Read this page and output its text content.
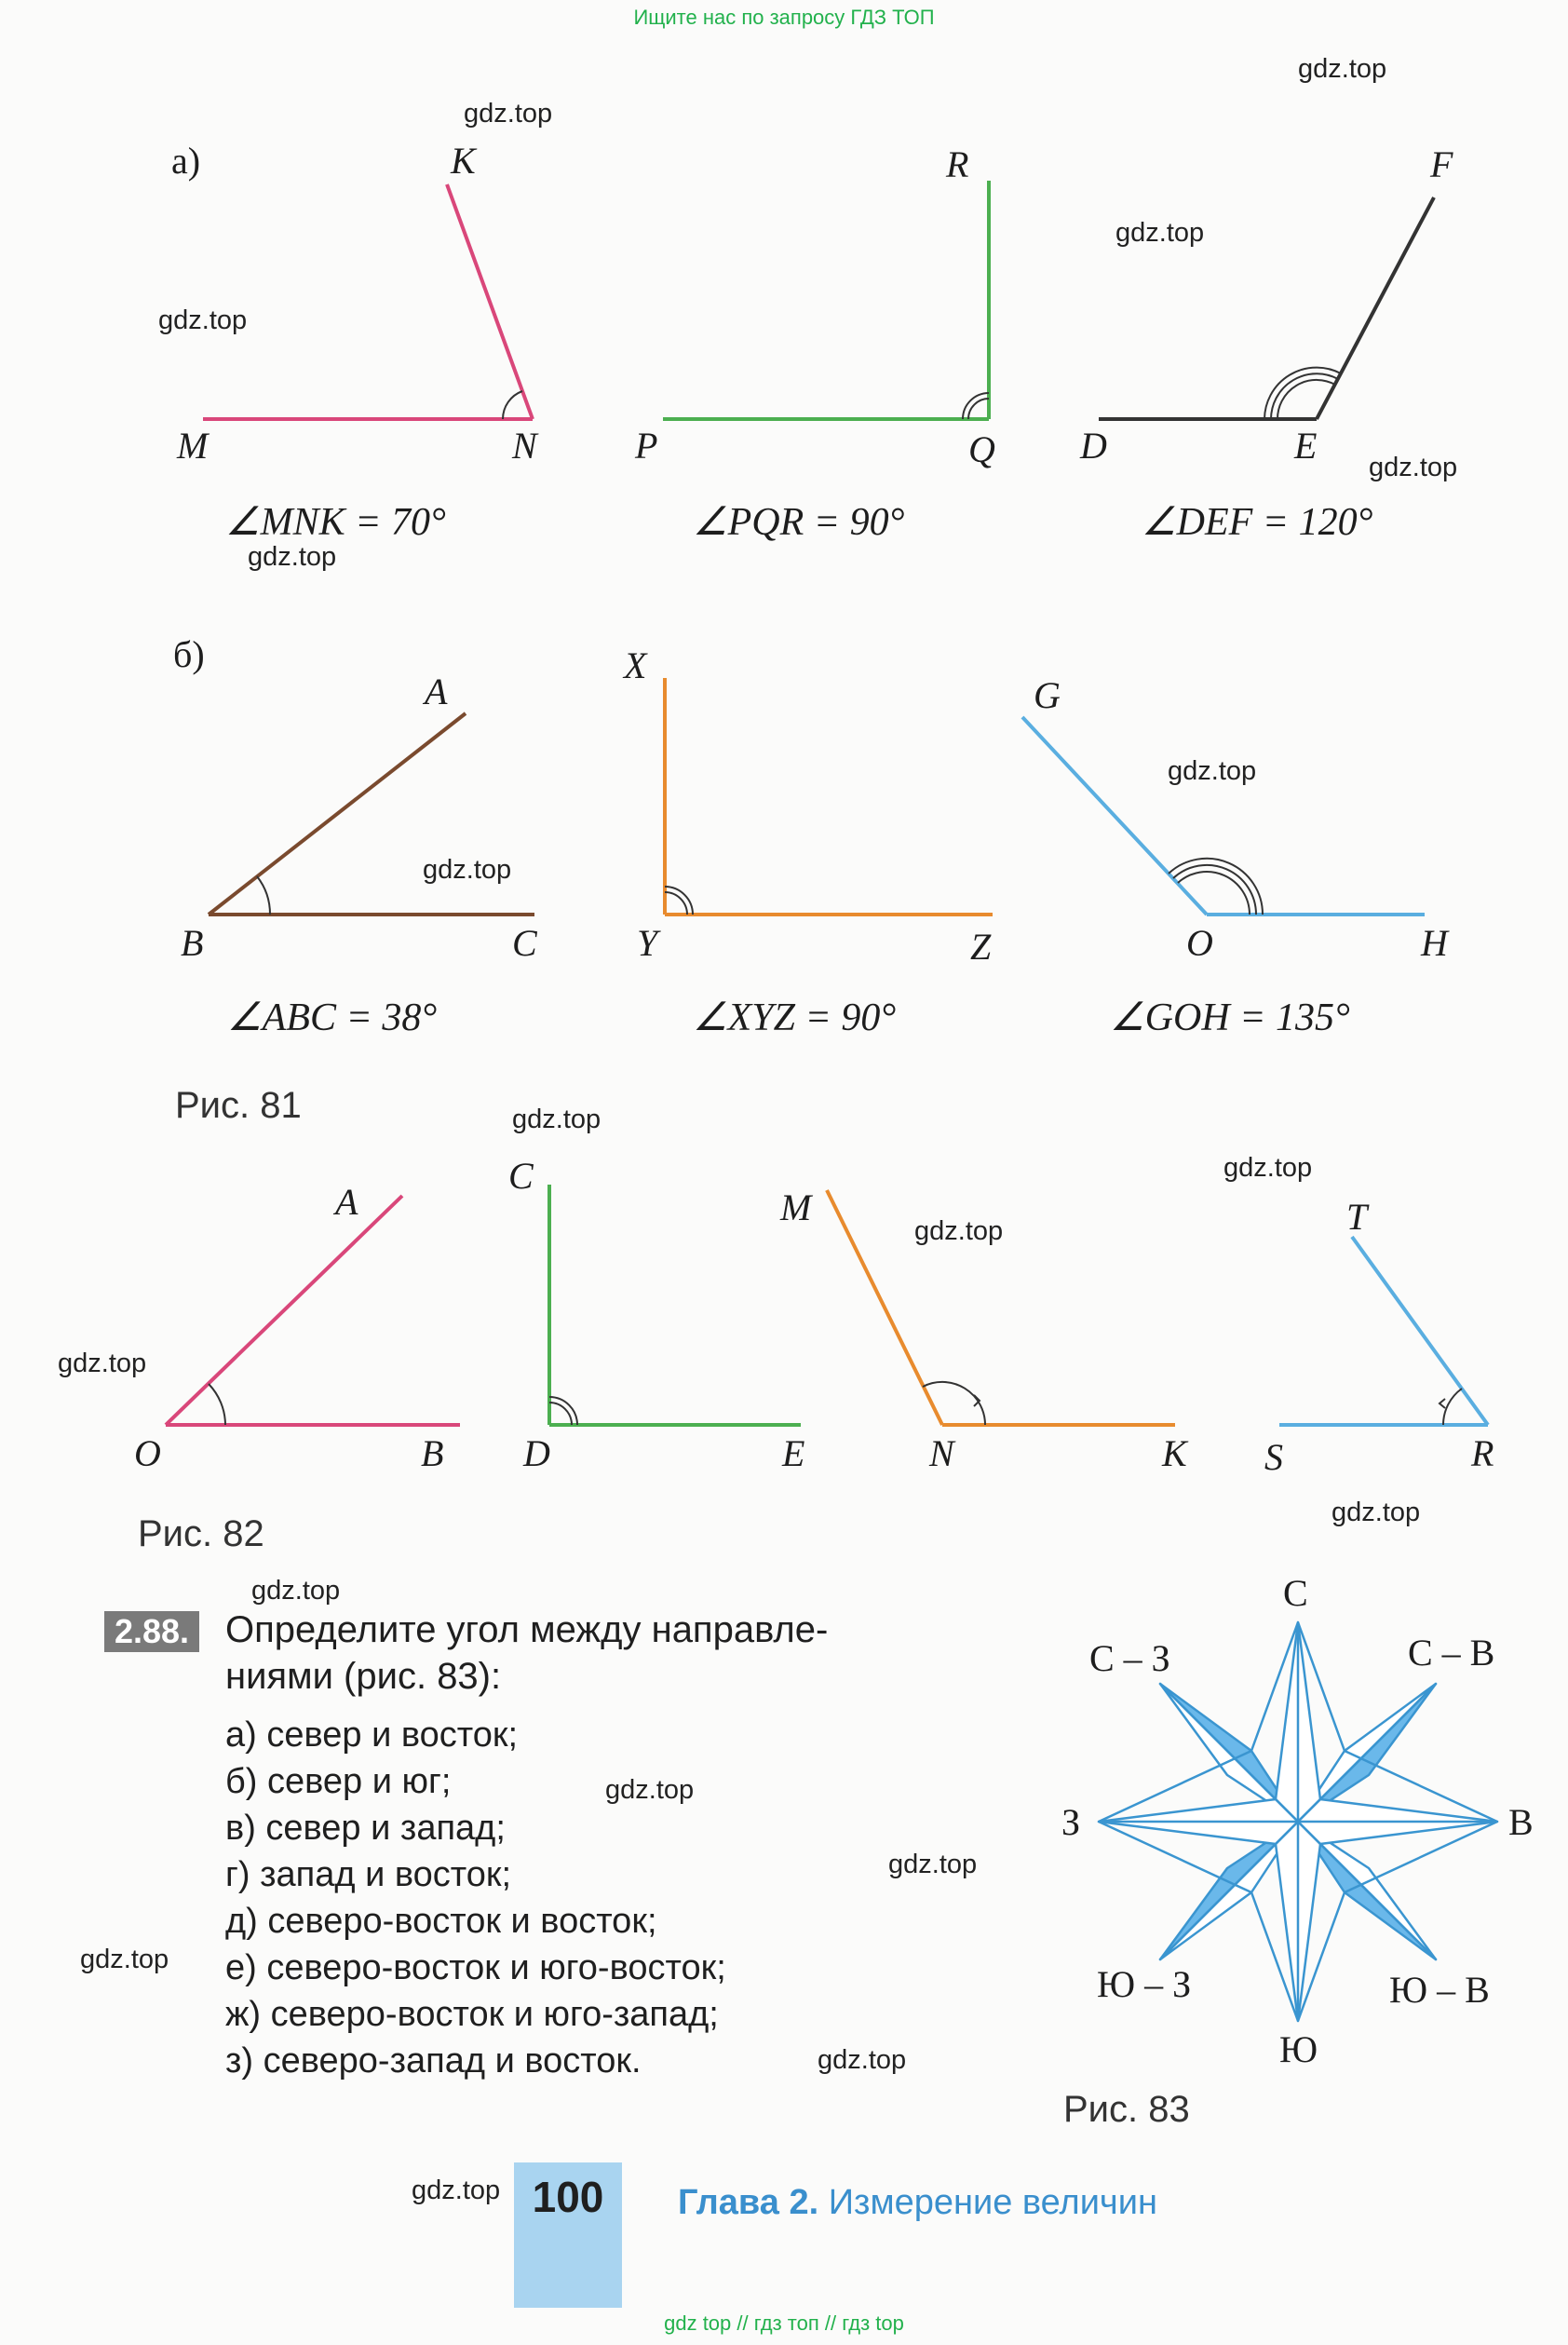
Ищите нас по запросу ГДЗ ТОП
а)
M	N
K
∠MNK = 70°
P	Q
R
∠PQR = 90°
D	E
F
∠DEF = 120°
б)
B	C
A
∠ABC = 38°
Y	Z
X
∠XYZ = 90°
O	H
G
∠GOH = 135°
Рис. 81
O	B
A
D	E
C
N	K
M
S	R
T
Рис. 82
С
Ю
З	В
С – З	С – В
Ю – З	Ю – В
Рис. 83
2.88. Определите угол между направле-
ниями (рис. 83):
а) север и восток;
б) север и юг;
в) север и запад;
г) запад и восток;
д) северо-восток и восток;
е) северо-восток и юго-восток;
ж) северо-восток и юго-запад;
з) северо-запад и восток.
100	Глава 2. Измерение величин
gdz top // гдз топ // гдз top
gdz.top
gdz.top
gdz.top
gdz.top
gdz.top
gdz.top
gdz.top
gdz.top
gdz.top
gdz.top
gdz.top
gdz.top
gdz.top
gdz.top
gdz.top
gdz.top
gdz.top
gdz.top
gdz.top
